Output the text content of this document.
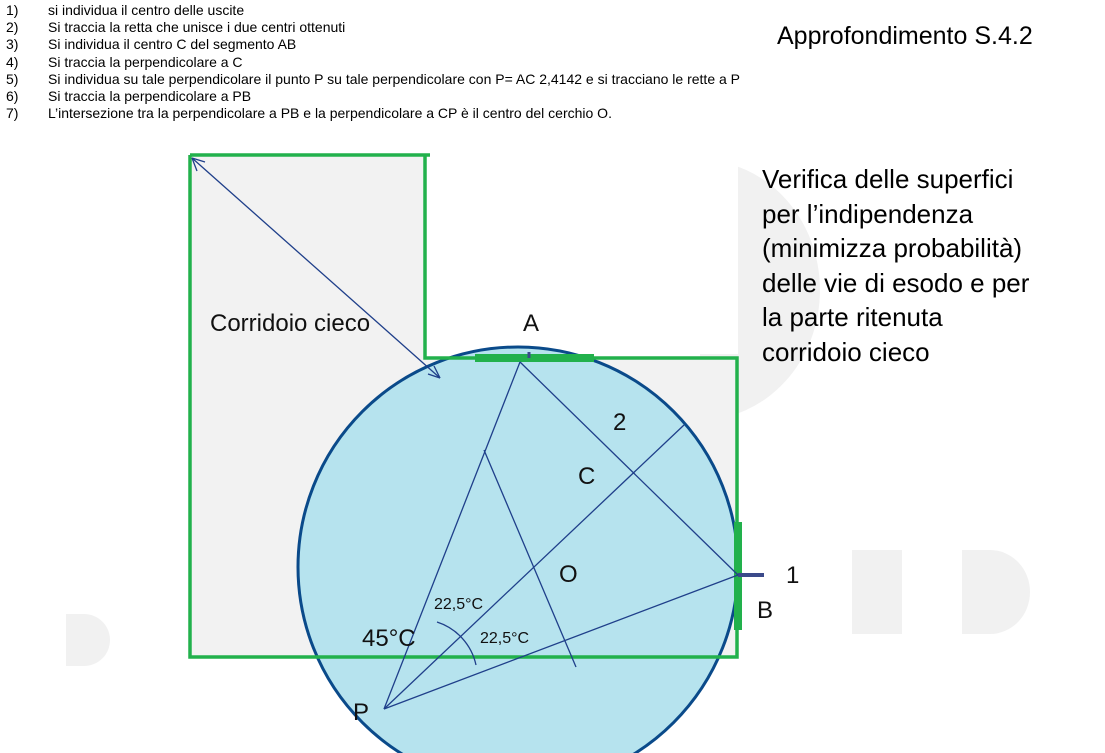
Corridoio cieco	A
B
C
O
P
2
1
45°C
22,5°C
22,5°C
1)	si individua il centro delle uscite
2)	Si traccia la retta che unisce i due centri ottenuti
3)	Si individua il centro C del segmento AB
4)	Si traccia la perpendicolare a C
5)	Si individua su tale perpendicolare il punto P su tale perpendicolare con P= AC 2,4142 e si tracciano le rette a P
6)	Si traccia la perpendicolare a PB
7)	L’intersezione tra la perpendicolare a PB e la perpendicolare a CP è il centro del cerchio O.
Approfondimento S.4.2
Verifica delle superfici
per l’indipendenza
(minimizza probabilità)
delle vie di esodo e per
la parte ritenuta
corridoio cieco
